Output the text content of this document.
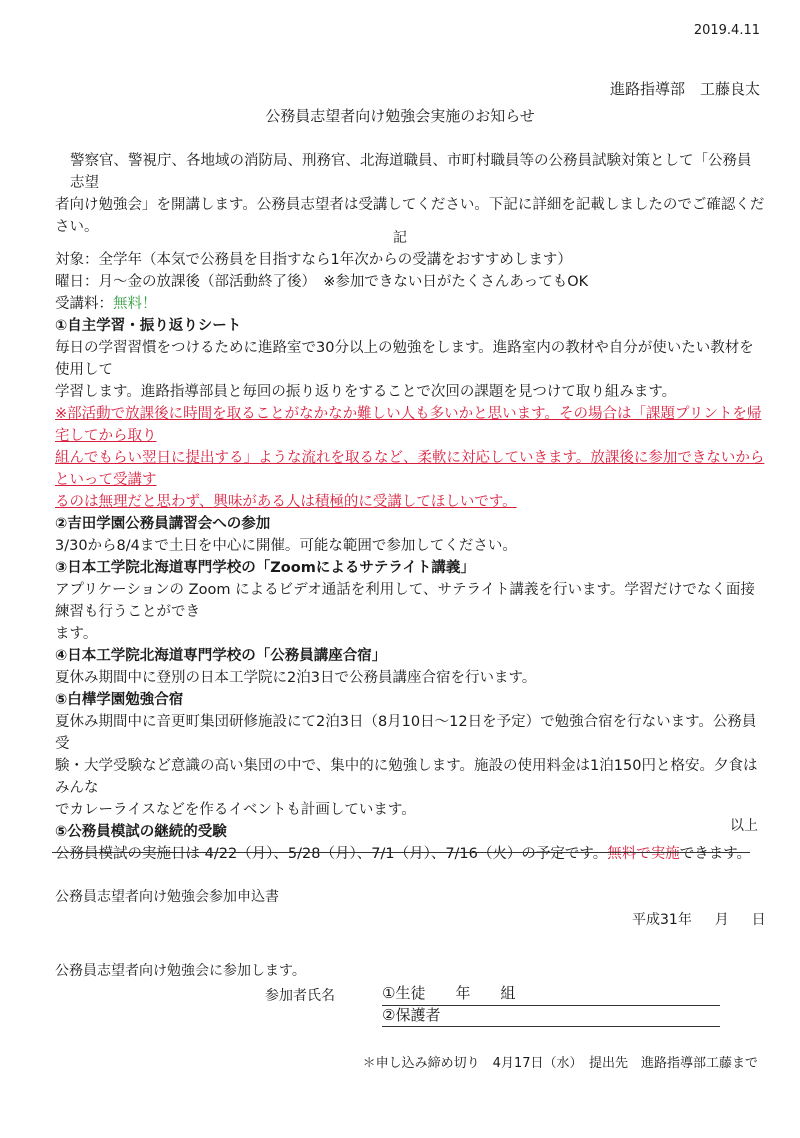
2019.4.11
進路指導部　工藤良太
公務員志望者向け勉強会実施のお知らせ
警察官、警視庁、各地域の消防局、刑務官、北海道職員、市町村職員等の公務員試験対策として「公務員志望
者向け勉強会」を開講します。公務員志望者は受講してください。下記に詳細を記載しましたのでご確認ください。
記
対象：全学年（本気で公務員を目指すなら1年次からの受講をおすすめします）
曜日：月～金の放課後（部活動終了後）　※参加できない日がたくさんあってもOK
受講料：無料！
①自主学習・振り返りシート
毎日の学習習慣をつけるために進路室で30分以上の勉強をします。進路室内の教材や自分が使いたい教材を使用して
学習します。進路指導部員と毎回の振り返りをすることで次回の課題を見つけて取り組みます。
※部活動で放課後に時間を取ることがなかなか難しい人も多いかと思います。その場合は「課題プリントを帰宅してから取り
組んでもらい翌日に提出する」ような流れを取るなど、柔軟に対応していきます。放課後に参加できないからといって受講す
るのは無理だと思わず、興味がある人は積極的に受講してほしいです。
②吉田学園公務員講習会への参加
3/30から8/4まで土日を中心に開催。可能な範囲で参加してください。
③日本工学院北海道専門学校の「Zoomによるサテライト講義」
アプリケーションの Zoom によるビデオ通話を利用して、サテライト講義を行います。学習だけでなく面接練習も行うことができ
ます。
④日本工学院北海道専門学校の「公務員講座合宿」
夏休み期間中に登別の日本工学院に2泊3日で公務員講座合宿を行います。
⑤白樺学園勉強合宿
夏休み期間中に音更町集団研修施設にて2泊3日（8月10日～12日を予定）で勉強合宿を行ないます。公務員受
験・大学受験など意識の高い集団の中で、集中的に勉強します。施設の使用料金は1泊150円と格安。夕食はみんな
でカレーライスなどを作るイベントも計画しています。
⑤公務員模試の継続的受験
公務員模試の実施日は 4/22（月）、5/28（月）、7/1（月）、7/16（火）の予定です。無料で実施できます。
以上
公務員志望者向け勉強会参加申込書
平成31年 月 日
公務員志望者向け勉強会に参加します。
参加者氏名	①生徒　　年　　組
②保護者
＊申し込み締め切り　4月17日（水）　提出先　進路指導部工藤まで
